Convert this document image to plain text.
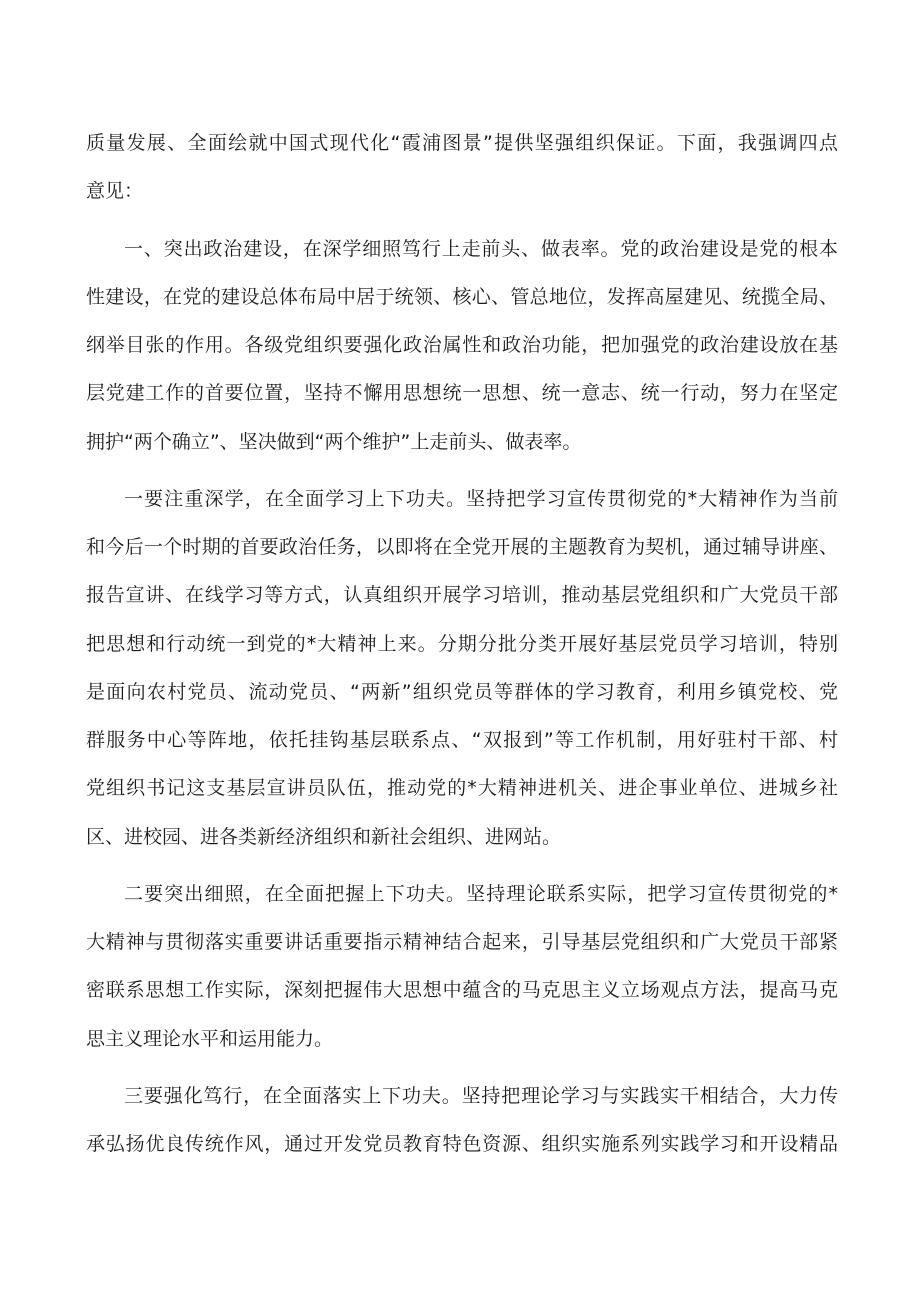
质量发展、全面绘就中国式现代化“霞浦图景”提供坚强组织保证。下面，我强调四点
意见：
一、突出政治建设，在深学细照笃行上走前头、做表率。党的政治建设是党的根本
性建设，在党的建设总体布局中居于统领、核心、管总地位，发挥高屋建见、统揽全局、
纲举目张的作用。各级党组织要强化政治属性和政治功能，把加强党的政治建设放在基
层党建工作的首要位置，坚持不懈用思想统一思想、统一意志、统一行动，努力在坚定
拥护“两个确立”、坚决做到“两个维护”上走前头、做表率。
一要注重深学，在全面学习上下功夫。坚持把学习宣传贯彻党的*大精神作为当前
和今后一个时期的首要政治任务，以即将在全党开展的主题教育为契机，通过辅导讲座、
报告宣讲、在线学习等方式，认真组织开展学习培训，推动基层党组织和广大党员干部
把思想和行动统一到党的*大精神上来。分期分批分类开展好基层党员学习培训，特别
是面向农村党员、流动党员、“两新”组织党员等群体的学习教育，利用乡镇党校、党
群服务中心等阵地，依托挂钩基层联系点、“双报到”等工作机制，用好驻村干部、村
党组织书记这支基层宣讲员队伍，推动党的*大精神进机关、进企事业单位、进城乡社
区、进校园、进各类新经济组织和新社会组织、进网站。
二要突出细照，在全面把握上下功夫。坚持理论联系实际，把学习宣传贯彻党的*
大精神与贯彻落实重要讲话重要指示精神结合起来，引导基层党组织和广大党员干部紧
密联系思想工作实际，深刻把握伟大思想中蕴含的马克思主义立场观点方法，提高马克
思主义理论水平和运用能力。
三要强化笃行，在全面落实上下功夫。坚持把理论学习与实践实干相结合，大力传
承弘扬优良传统作风，通过开发党员教育特色资源、组织实施系列实践学习和开设精品
